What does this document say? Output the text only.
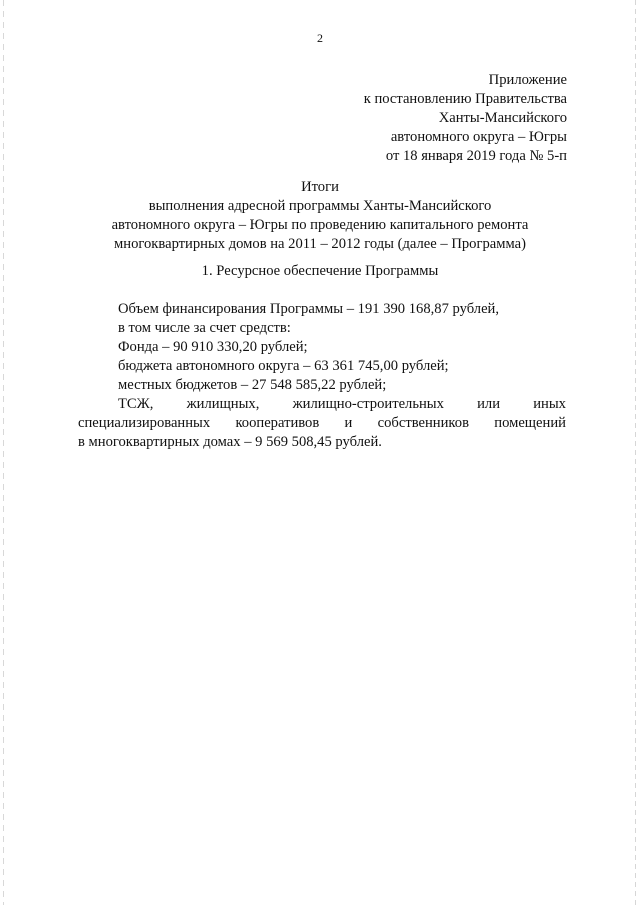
2
Приложение
к постановлению Правительства
Ханты-Мансийского
автономного округа – Югры
от 18 января 2019 года № 5-п
Итоги
выполнения адресной программы Ханты-Мансийского
автономного округа – Югры по проведению капитального ремонта
многоквартирных домов на 2011 – 2012 годы (далее – Программа)
1. Ресурсное обеспечение Программы
Объем финансирования Программы – 191 390 168,87 рублей,
в том числе за счет средств:
Фонда – 90 910 330,20 рублей;
бюджета автономного округа – 63 361 745,00 рублей;
местных бюджетов – 27 548 585,22 рублей;
ТСЖ, жилищных, жилищно-строительных или иных
специализированных кооперативов и собственников помещений
в многоквартирных домах – 9 569 508,45 рублей.
